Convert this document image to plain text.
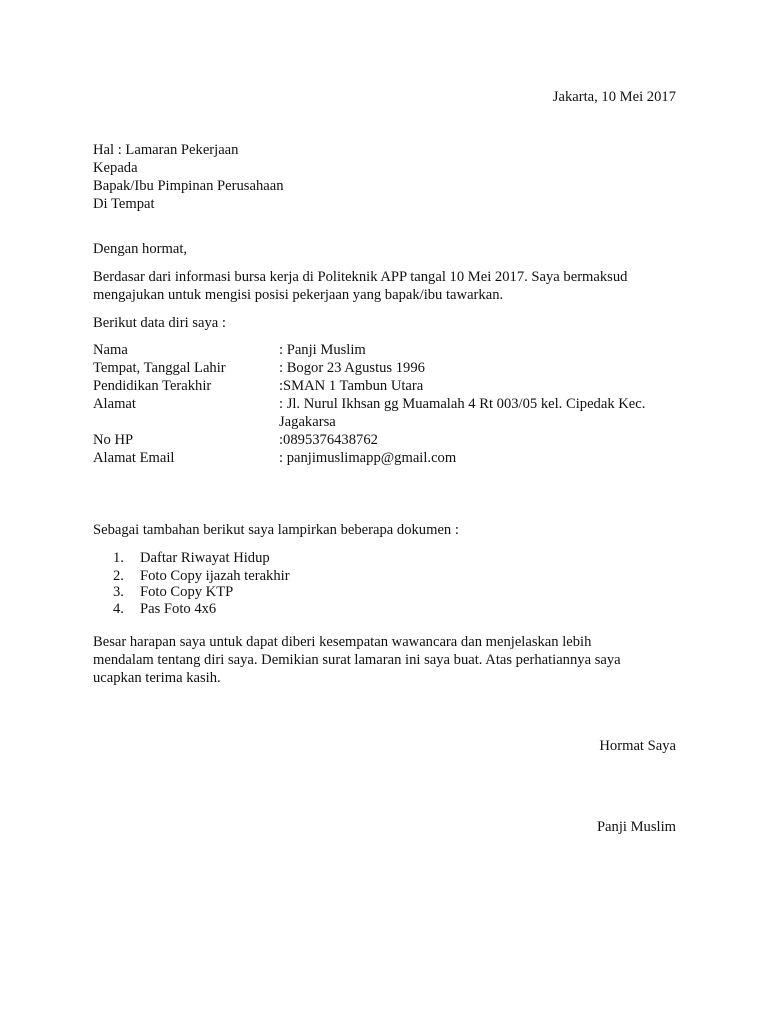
Jakarta, 10 Mei 2017
Hal : Lamaran Pekerjaan
Kepada
Bapak/Ibu Pimpinan Perusahaan
Di Tempat
Dengan hormat,
Berdasar dari informasi bursa kerja di Politeknik APP tangal 10 Mei 2017. Saya bermaksud
mengajukan untuk mengisi posisi pekerjaan yang bapak/ibu tawarkan.
Berikut data diri saya :
Nama	: Panji Muslim
Tempat, Tanggal Lahir	: Bogor 23 Agustus 1996
Pendidikan Terakhir	:SMAN 1 Tambun Utara
Alamat	: Jl. Nurul Ikhsan gg Muamalah 4 Rt 003/05 kel. Cipedak Kec.
Jagakarsa
No HP	:0895376438762
Alamat Email	: panjimuslimapp@gmail.com
Sebagai tambahan berikut saya lampirkan beberapa dokumen :
1. Daftar Riwayat Hidup
2. Foto Copy ijazah terakhir
3. Foto Copy KTP
4. Pas Foto 4x6
Besar harapan saya untuk dapat diberi kesempatan wawancara dan menjelaskan lebih
mendalam tentang diri saya. Demikian surat lamaran ini saya buat. Atas perhatiannya saya
ucapkan terima kasih.
Hormat Saya
Panji Muslim
